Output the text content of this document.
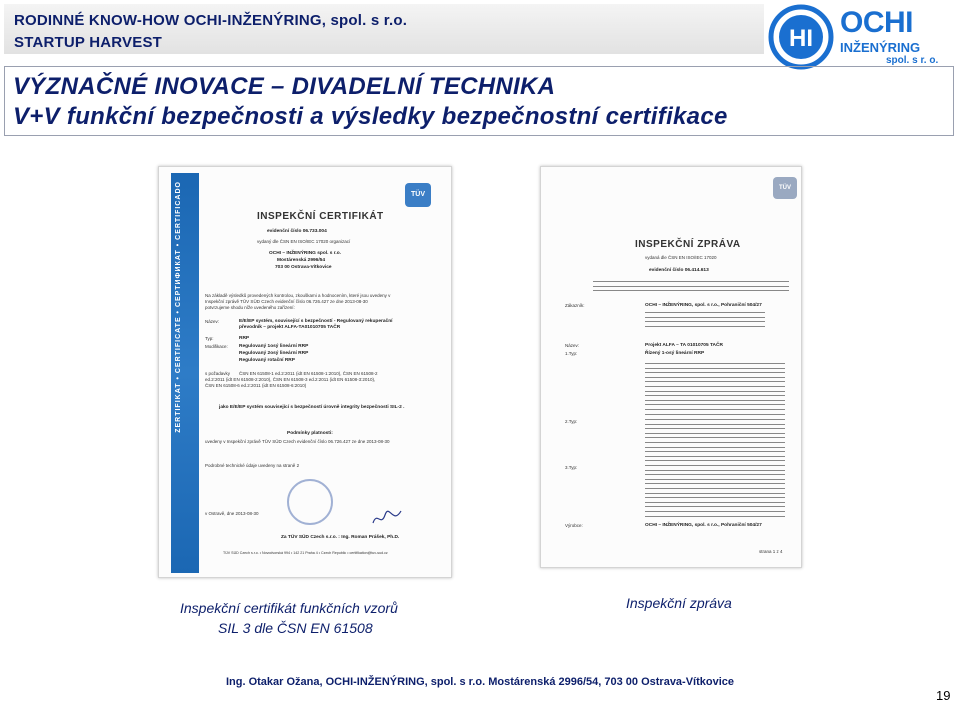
RODINNÉ KNOW-HOW OCHI-INŽENÝRING, spol. s r.o.
STARTUP HARVEST	HI OCHI
INŽENÝRING
spol. s r. o.
VÝZNAČNÉ INOVACE – DIVADELNÍ TECHNIKA
V+V funkční bezpečnosti a výsledky bezpečnostní certifikace
ZERTIFIKAT • CERTIFICATE • СЕРТИФИКАТ • CERTIFICADO	TÜV
INSPEKČNÍ CERTIFIKÁT
evidenční číslo 06.733.004
vydaný dle ČSN EN ISO/IEC 17020 organizací
OCHI – INŽENÝRING spol. s r.o.
Mostárenská 2996/54
703 00 Ostrava-Vítkovice
Na základě výsledků provedených kontrolou, zkouškami a hodnocením, které jsou uvedeny v
Inspekční zprávě TÜV SÜD Czech evidenční číslo 06.726.427 ze dne 2013-08-30
potvrzujeme shodu níže uvedeného zařízení:
Název:	E/E/EP systém, související s bezpečností - Regulovaný rekuperační
převodník – projekt ALFA-TA01010705 TAČR
Typ:	RRP
Modifikace: Regulovaný 1osý lineární RRP
Regulovaný 2osý lineární RRP
Regulovaný rotační RRP
s požadavky ČSN EN 61508-1 ed.2:2011 (idt EN 61508-1:2010), ČSN EN 61508-2
ed.2:2011 (idt EN 61508-2:2010), ČSN EN 61508-3 ed.2:2011 (idt EN 61508-3:2010),
ČSN EN 61508-6 ed.2:2011 (idt EN 61508-6:2010)
jako E/E/EP systém související s bezpečností úrovně integrity bezpečnosti SIL-2 .
Podmínky platnosti:
uvedeny v Inspekční zprávě TÜV SÜD Czech evidenční číslo 06.726.427 ze dne 2013-08-30
Podrobné technické údaje uvedeny na straně 2
v Ostravě, dne 2013-08-30
Za TÜV SÜD Czech s.r.o. : Ing. Roman Prášek, Ph.D.
TÜV SÜD Czech s.r.o. • Novodvorská 994 • 142 21 Praha 4 • Czech Republic • certifikation@tuv-sud.cz
TÜV
INSPEKČNÍ ZPRÁVA
vydaná dle ČSN EN ISO/IEC 17020
evidenční číslo 06.414.613
Zákazník:	OCHI – INŽENÝRING, spol. s r.o., Pohraniční 504/27
Název:	Projekt ALFA – TA 01010705 TAČR
1.Typ:	Řízený 1-osý lineární RRP
2.Typ:
3.Typ:
Výrobce:	OCHI – INŽENÝRING, spol. s r.o., Pohraniční 504/27
strana 1 z 4
Inspekční certifikát funkčních vzorů
SIL 3 dle ČSN EN 61508
Inspekční zpráva
Ing. Otakar Ožana, OCHI-INŽENÝRING, spol. s r.o. Mostárenská 2996/54, 703 00 Ostrava-Vítkovice
19
